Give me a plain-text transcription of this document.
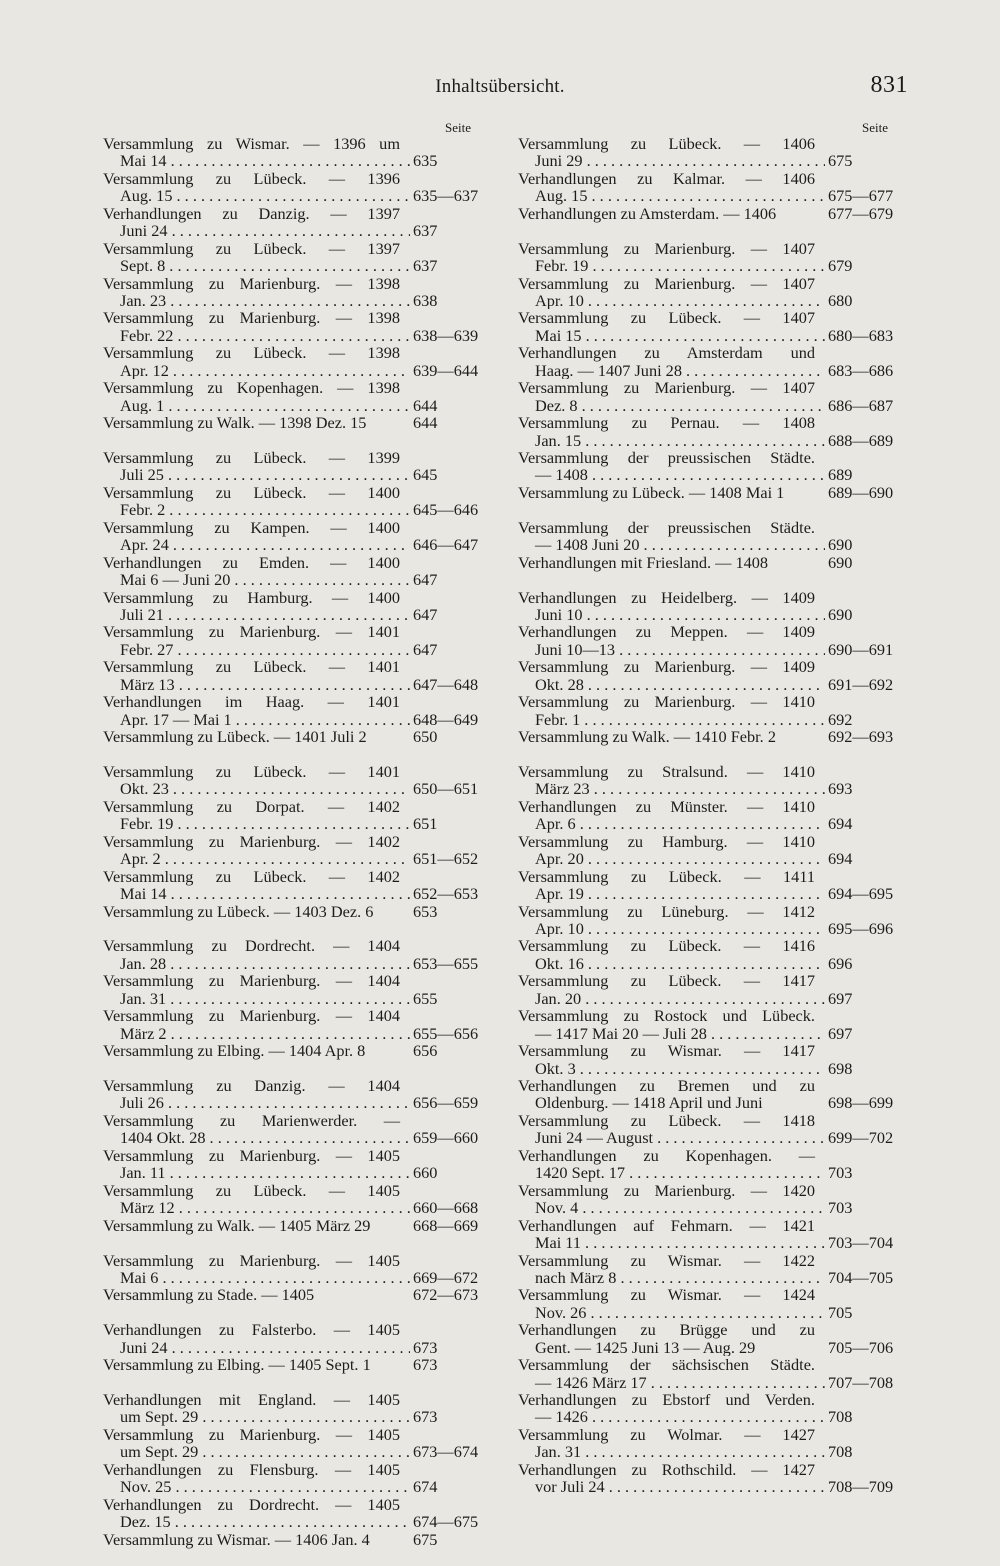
Inhaltsübersicht.	831
Seite
Versammlung zu Wismar. — 1396 um
Mai 14 . . .	635
Versammlung zu Lübeck. — 1396
Aug. 15 . . .	635—637
Verhandlungen zu Danzig. — 1397
Juni 24 . . .	637
Versammlung zu Lübeck. — 1397
Sept. 8 . . .	637
Versammlung zu Marienburg. — 1398
Jan. 23 . . .	638
Versammlung zu Marienburg. — 1398
Febr. 22 . . .	638—639
Versammlung zu Lübeck. — 1398
Apr. 12 . . .	639—644
Versammlung zu Kopenhagen. — 1398
Aug. 1 . . .	644
Versammlung zu Walk. — 1398 Dez. 15	644
Versammlung zu Lübeck. — 1399
Juli 25 . . .	645
Versammlung zu Lübeck. — 1400
Febr. 2 . . .	645—646
Versammlung zu Kampen. — 1400
Apr. 24 . . .	646—647
Verhandlungen zu Emden. — 1400
Mai 6 — Juni 20 . . .	647
Versammlung zu Hamburg. — 1400
Juli 21 . . .	647
Versammlung zu Marienburg. — 1401
Febr. 27 . . .	647
Versammlung zu Lübeck. — 1401
März 13 . . .	647—648
Verhandlungen im Haag. — 1401
Apr. 17 — Mai 1 . . .	648—649
Versammlung zu Lübeck. — 1401 Juli 2	650
Versammlung zu Lübeck. — 1401
Okt. 23 . . .	650—651
Versammlung zu Dorpat. — 1402
Febr. 19 . . .	651
Versammlung zu Marienburg. — 1402
Apr. 2 . . .	651—652
Versammlung zu Lübeck. — 1402
Mai 14 . . .	652—653
Versammlung zu Lübeck. — 1403 Dez. 6	653
Versammlung zu Dordrecht. — 1404
Jan. 28 . . .	653—655
Versammlung zu Marienburg. — 1404
Jan. 31 . . .	655
Versammlung zu Marienburg. — 1404
März 2 . . .	655—656
Versammlung zu Elbing. — 1404 Apr. 8	656
Versammlung zu Danzig. — 1404
Juli 26 . . .	656—659
Versammlung zu Marienwerder. —
1404 Okt. 28 . . .	659—660
Versammlung zu Marienburg. — 1405
Jan. 11 . . .	660
Versammlung zu Lübeck. — 1405
März 12 . . .	660—668
Versammlung zu Walk. — 1405 März 29	668—669
Versammlung zu Marienburg. — 1405
Mai 6 . . .	669—672
Versammlung zu Stade. — 1405	672—673
Verhandlungen zu Falsterbo. — 1405
Juni 24 . . .	673
Versammlung zu Elbing. — 1405 Sept. 1	673
Verhandlungen mit England. — 1405
um Sept. 29 . . .	673
Versammlung zu Marienburg. — 1405
um Sept. 29 . . .	673—674
Verhandlungen zu Flensburg. — 1405
Nov. 25 . . .	674
Verhandlungen zu Dordrecht. — 1405
Dez. 15 . . .	674—675
Versammlung zu Wismar. — 1406 Jan. 4	675
Seite
Versammlung zu Lübeck. — 1406
Juni 29 . . .	675
Verhandlungen zu Kalmar. — 1406
Aug. 15 . . .	675—677
Verhandlungen zu Amsterdam. — 1406	677—679
Versammlung zu Marienburg. — 1407
Febr. 19 . . .	679
Versammlung zu Marienburg. — 1407
Apr. 10 . . .	680
Versammlung zu Lübeck. — 1407
Mai 15 . . .	680—683
Verhandlungen zu Amsterdam und
Haag. — 1407 Juni 28 . . .	683—686
Versammlung zu Marienburg. — 1407
Dez. 8 . . .	686—687
Versammlung zu Pernau. — 1408
Jan. 15 . . .	688—689
Versammlung der preussischen Städte.
— 1408 . . .	689
Versammlung zu Lübeck. — 1408 Mai 1	689—690
Versammlung der preussischen Städte.
— 1408 Juni 20 . . .	690
Verhandlungen mit Friesland. — 1408	690
Verhandlungen zu Heidelberg. — 1409
Juni 10 . . .	690
Verhandlungen zu Meppen. — 1409
Juni 10—13 . . .	690—691
Versammlung zu Marienburg. — 1409
Okt. 28 . . .	691—692
Versammlung zu Marienburg. — 1410
Febr. 1 . . .	692
Versammlung zu Walk. — 1410 Febr. 2	692—693
Versammlung zu Stralsund. — 1410
März 23 . . .	693
Verhandlungen zu Münster. — 1410
Apr. 6 . . .	694
Versammlung zu Hamburg. — 1410
Apr. 20 . . .	694
Versammlung zu Lübeck. — 1411
Apr. 19 . . .	694—695
Versammlung zu Lüneburg. — 1412
Apr. 10 . . .	695—696
Versammlung zu Lübeck. — 1416
Okt. 16 . . .	696
Versammlung zu Lübeck. — 1417
Jan. 20 . . .	697
Versammlung zu Rostock und Lübeck.
— 1417 Mai 20 — Juli 28 . . .	697
Versammlung zu Wismar. — 1417
Okt. 3 . . .	698
Verhandlungen zu Bremen und zu
Oldenburg. — 1418 April und Juni	698—699
Versammlung zu Lübeck. — 1418
Juni 24 — August . . .	699—702
Verhandlungen zu Kopenhagen. —
1420 Sept. 17 . . .	703
Versammlung zu Marienburg. — 1420
Nov. 4 . . .	703
Verhandlungen auf Fehmarn. — 1421
Mai 11 . . .	703—704
Versammlung zu Wismar. — 1422
nach März 8 . . .	704—705
Versammlung zu Wismar. — 1424
Nov. 26 . . .	705
Verhandlungen zu Brügge und zu
Gent. — 1425 Juni 13 — Aug. 29	705—706
Versammlung der sächsischen Städte.
— 1426 März 17 . . .	707—708
Verhandlungen zu Ebstorf und Verden.
— 1426 . . .	708
Versammlung zu Wolmar. — 1427
Jan. 31 . . .	708
Verhandlungen zu Rothschild. — 1427
vor Juli 24 . . .	708—709
